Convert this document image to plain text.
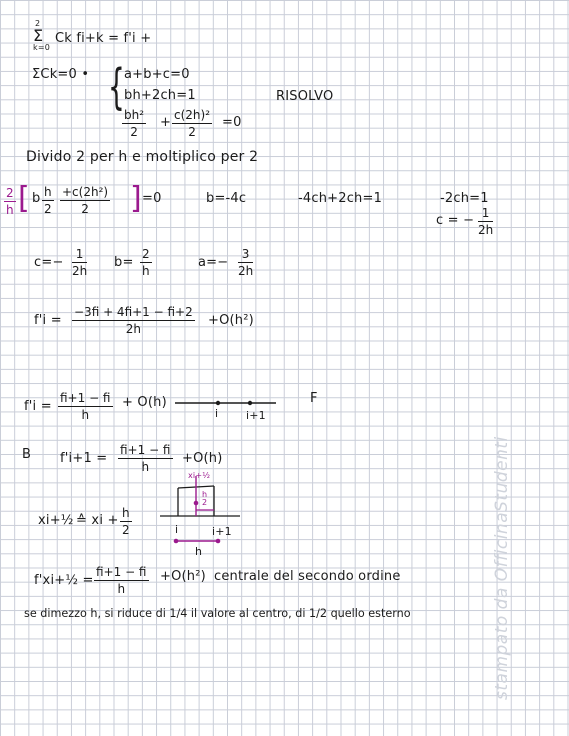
2
Σ
k=0
Ck fi+k = f'i +
ΣCk=0 • { a+b+c=0
bh+2ch=1
$\frac{\text{bh²}}{2} + \frac{\text{c(2h)²}}{2} =0$
RISOLVO
Divido 2 per h e moltiplico per 2
$\frac{2}{h}$ [ b $\frac{h}{2} \frac{\text{+c(2h²)}}{2}$ ] =0	b=-4c	-4ch+2ch=1	-2ch=1
c = − $\frac{1}{2h}$
$c=- \frac{1}{2h} b= \frac{2}{h}$	$a=- \frac{3}{2h}$
$f'i = \frac{-3fi + 4fi+1 - fi+2}{2h} +O(h^2)$
$f'i = \frac{fi+1 - fi}{h} + O(h)$
i	i+1
F
B $f'i+1 = \frac{fi+1 - fi}{h} +O(h)$
xi+½ ≙ xi + $\frac{h}{2}$
xi+½
h
2
i	i+1
h
f'xi+½ = $\frac{fi+1 - fi}{h} +O(h^2)$ centrale del secondo ordine
se dimezzo h, si riduce di 1/4 il valore al centro, di 1/2 quello esterno	stampato da OfficinaStudenti
